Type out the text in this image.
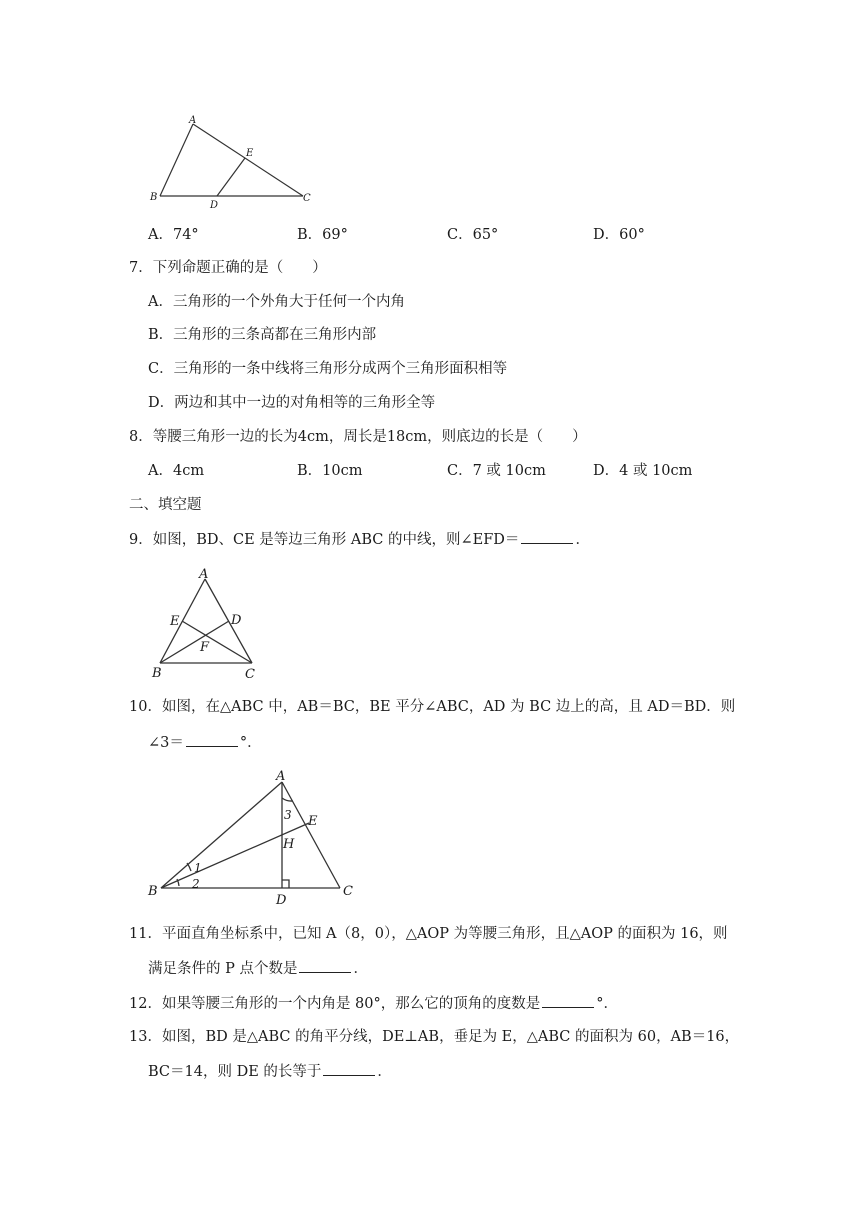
A
B	C
D
E
A．74°	B．69°	C．65°	D．60°
7．下列命题正确的是（　　）
A．三角形的一个外角大于任何一个内角
B．三角形的三条高都在三角形内部
C．三角形的一条中线将三角形分成两个三角形面积相等
D．两边和其中一边的对角相等的三角形全等
8．等腰三角形一边的长为4cm，周长是18cm，则底边的长是（　　）
A．4cm	B．10cm	C．7 或 10cm	D．4 或 10cm
二、填空题
9．如图，BD、CE 是等边三角形 ABC 的中线，则∠EFD＝	．
A
E	D
F
B	C
10．如图，在△ABC 中，AB＝BC，BE 平分∠ABC，AD 为 BC 边上的高，且 AD＝BD．则
∠3＝	°．
A
E
H
B	C
D
1
2
3
11．平面直角坐标系中，已知 A（8，0），△AOP 为等腰三角形，且△AOP 的面积为 16，则
满足条件的 P 点个数是	．
12．如果等腰三角形的一个内角是 80°，那么它的顶角的度数是	°．
13．如图，BD 是△ABC 的角平分线，DE⊥AB，垂足为 E，△ABC 的面积为 60，AB＝16，
BC＝14，则 DE 的长等于	．
